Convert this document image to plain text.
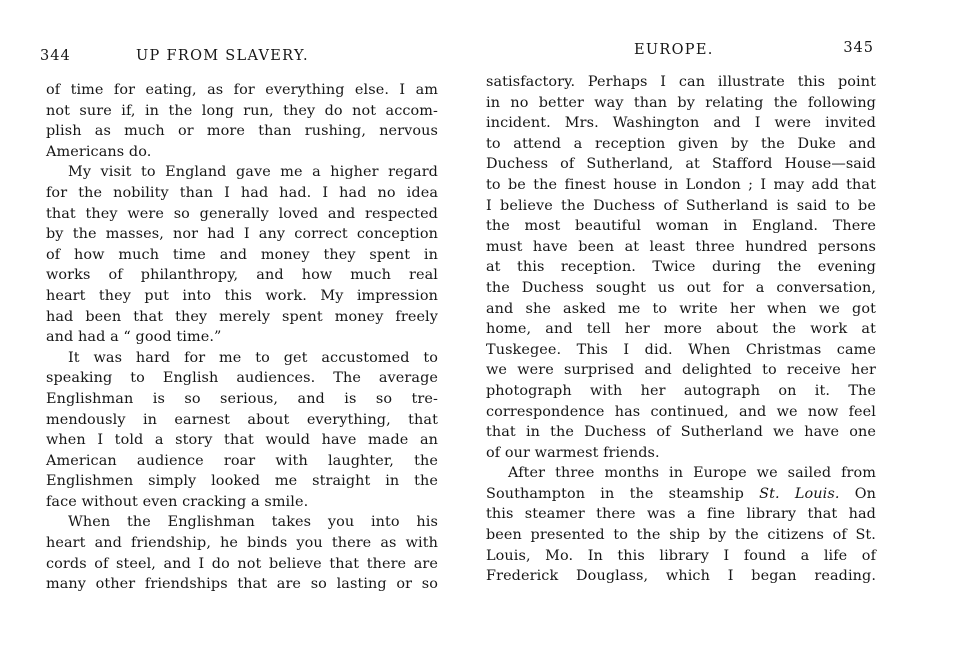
344	UP FROM SLAVERY.
of time for eating, as for everything else. I am
not sure if, in the long run, they do not accom-
plish as much or more than rushing, nervous
Americans do.
My visit to England gave me a higher regard
for the nobility than I had had. I had no idea
that they were so generally loved and respected
by the masses, nor had I any correct conception
of how much time and money they spent in
works of philanthropy, and how much real
heart they put into this work. My impression
had been that they merely spent money freely
and had a “ good time.”
It was hard for me to get accustomed to
speaking to English audiences. The average
Englishman is so serious, and is so tre-
mendously in earnest about everything, that
when I told a story that would have made an
American audience roar with laughter, the
Englishmen simply looked me straight in the
face without even cracking a smile.
When the Englishman takes you into his
heart and friendship, he binds you there as with
cords of steel, and I do not believe that there are
many other friendships that are so lasting or so
EUROPE.	345
satisfactory. Perhaps I can illustrate this point
in no better way than by relating the following
incident. Mrs. Washington and I were invited
to attend a reception given by the Duke and
Duchess of Sutherland, at Stafford House—said
to be the finest house in London ; I may add that
I believe the Duchess of Sutherland is said to be
the most beautiful woman in England. There
must have been at least three hundred persons
at this reception. Twice during the evening
the Duchess sought us out for a conversation,
and she asked me to write her when we got
home, and tell her more about the work at
Tuskegee. This I did. When Christmas came
we were surprised and delighted to receive her
photograph with her autograph on it. The
correspondence has continued, and we now feel
that in the Duchess of Sutherland we have one
of our warmest friends.
After three months in Europe we sailed from
Southampton in the steamship St. Louis. On
this steamer there was a fine library that had
been presented to the ship by the citizens of St.
Louis, Mo. In this library I found a life of
Frederick Douglass, which I began reading.
